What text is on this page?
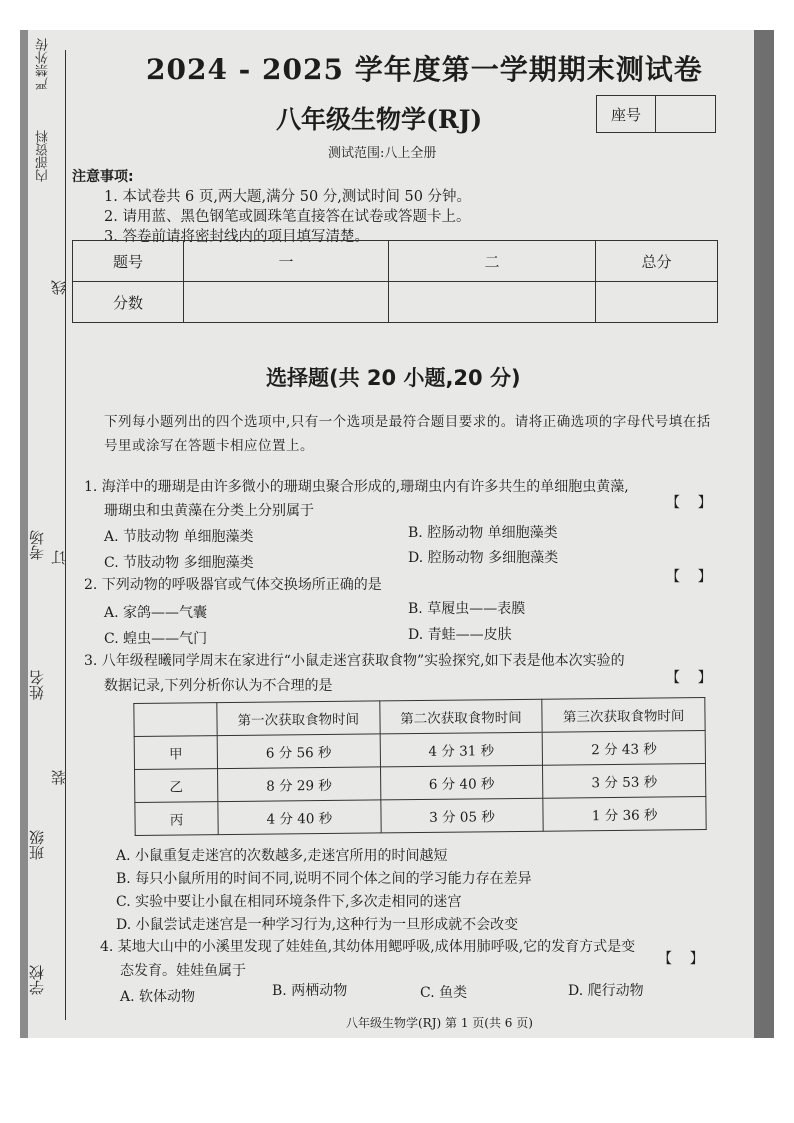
严禁外传
内部资料
线
考场 订
姓名
装
班级
学校
2024 - 2025 学年度第一学期期末测试卷
八年级生物学(RJ)	座号
测试范围:八上全册
注意事项:
1. 本试卷共 6 页,两大题,满分 50 分,测试时间 50 分钟。
2. 请用蓝、黑色钢笔或圆珠笔直接答在试卷或答题卡上。
3. 答卷前请将密封线内的项目填写清楚。
题号	一	二	总分
分数			
选择题(共 20 小题,20 分)
下列每小题列出的四个选项中,只有一个选项是最符合题目要求的。请将正确选项的字母代号填在括号里或涂写在答题卡相应位置上。
1. 海洋中的珊瑚是由许多微小的珊瑚虫聚合形成的,珊瑚虫内有许多共生的单细胞虫黄藻,
珊瑚虫和虫黄藻在分类上分别属于	【    】
A. 节肢动物 单细胞藻类	B. 腔肠动物 单细胞藻类
C. 节肢动物 多细胞藻类	D. 腔肠动物 多细胞藻类
2. 下列动物的呼吸器官或气体交换场所正确的是	【    】
A. 家鸽——气囊	B. 草履虫——表膜
C. 蝗虫——气门	D. 青蛙——皮肤
3. 八年级程曦同学周末在家进行“小鼠走迷宫获取食物”实验探究,如下表是他本次实验的
数据记录,下列分析你认为不合理的是	【    】
	第一次获取食物时间	第二次获取食物时间	第三次获取食物时间
甲	6 分 56 秒	4 分 31 秒	2 分 43 秒
乙	8 分 29 秒	6 分 40 秒	3 分 53 秒
丙	4 分 40 秒	3 分 05 秒	1 分 36 秒
A. 小鼠重复走迷宫的次数越多,走迷宫所用的时间越短
B. 每只小鼠所用的时间不同,说明不同个体之间的学习能力存在差异
C. 实验中要让小鼠在相同环境条件下,多次走相同的迷宫
D. 小鼠尝试走迷宫是一种学习行为,这种行为一旦形成就不会改变
4. 某地大山中的小溪里发现了娃娃鱼,其幼体用鳃呼吸,成体用肺呼吸,它的发育方式是变
态发育。娃娃鱼属于
【    】
A. 软体动物	B. 两栖动物	C. 鱼类	D. 爬行动物
八年级生物学(RJ) 第 1 页(共 6 页)
